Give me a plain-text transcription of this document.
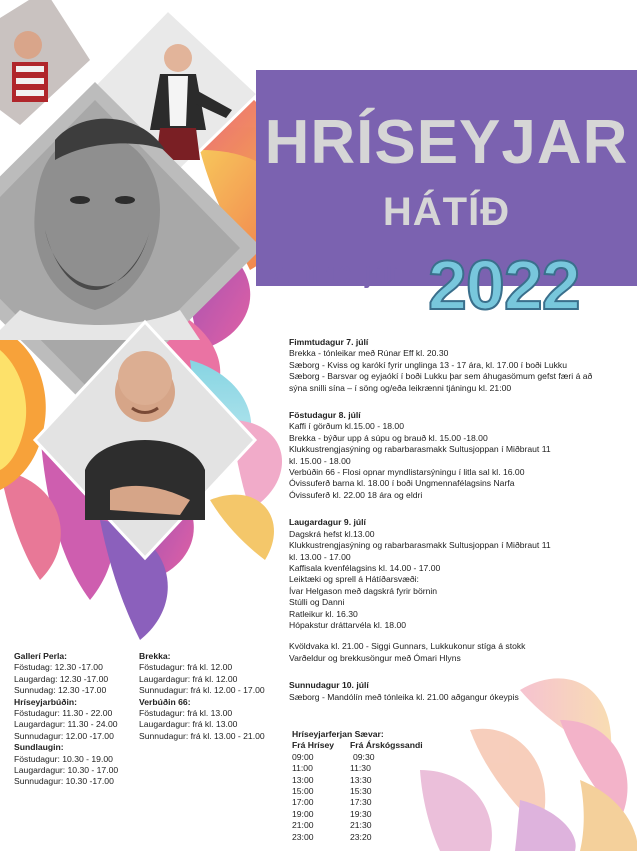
HRÍSEYJAR
HÁTÍÐ
7. til 10. júlí 2022
Fimmtudagur 7. júlí
Brekka - tónleikar með Rúnar Eff kl. 20.30
Sæborg - Kviss og karókí fyrir unglinga 13 - 17 ára, kl. 17.00 í boði Lukku
Sæborg - Barsvar og eyjaókí í boði Lukku þar sem áhugasömum gefst færi á að
sýna snilli sína – í söng og/eða leikrænni tjáningu kl. 21:00
Föstudagur 8. júlí
Kaffi í görðum kl.15.00 - 18.00
Brekka - býður upp á súpu og brauð kl. 15.00 -18.00
Klukkustrengjasýning og rabarbarasmakk Sultusjoppan í Miðbraut 11
kl. 15.00 - 18.00
Verbúðin 66 - Flosi opnar myndlistarsýningu í litla sal kl. 16.00
Óvissuferð barna kl. 18.00 í boði Ungmennafélagsins Narfa
Óvissuferð kl. 22.00 18 ára og eldri
Laugardagur 9. júlí
Dagskrá hefst kl.13.00
Klukkustrengjasýning og rabarbarasmakk Sultusjoppan í Miðbraut 11
kl. 13.00 - 17.00
Kaffisala kvenfélagsins kl. 14.00 - 17.00
Leiktæki og sprell á Hátíðarsvæði:
Ívar Helgason með dagskrá fyrir börnin
Stúlli og Danni
Ratleikur kl. 16.30
Hópakstur dráttarvéla kl. 18.00
Kvöldvaka kl. 21.00 - Siggi Gunnars, Lukkukonur stíga á stokk
Varðeldur og brekkusöngur með Ómari Hlyns
Sunnudagur 10. júlí
Sæborg - Mandólín með tónleika kl. 21.00 aðgangur ókeypis
Gallerí Perla:
Föstudag: 12.30 -17.00
Laugardag: 12.30 -17.00
Sunnudag: 12.30 -17.00
Hríseyjarbúðin:
Föstudagur: 11.30 - 22.00
Laugardagur: 11.30 - 24.00
Sunnudagur: 12.00 -17.00
Sundlaugin:
Föstudagur: 10.30 - 19.00
Laugardagur: 10.30 - 17.00
Sunnudagur: 10.30 -17.00
Brekka:
Föstudagur: frá kl. 12.00
Laugardagur: frá kl. 12.00
Sunnudagur: frá kl. 12.00 - 17.00
Verbúðin 66:
Föstudagur: frá kl. 13.00
Laugardagur: frá kl. 13.00
Sunnudagur: frá kl. 13.00 - 21.00	Hríseyjarferjan Sævar:
Frá Hrísey	Frá Árskógssandi
09:00	09:30
11:00	11:30
13:00	13:30
15:00	15:30
17:00	17:30
19:00	19:30
21:00	21:30
23:00	23:20
